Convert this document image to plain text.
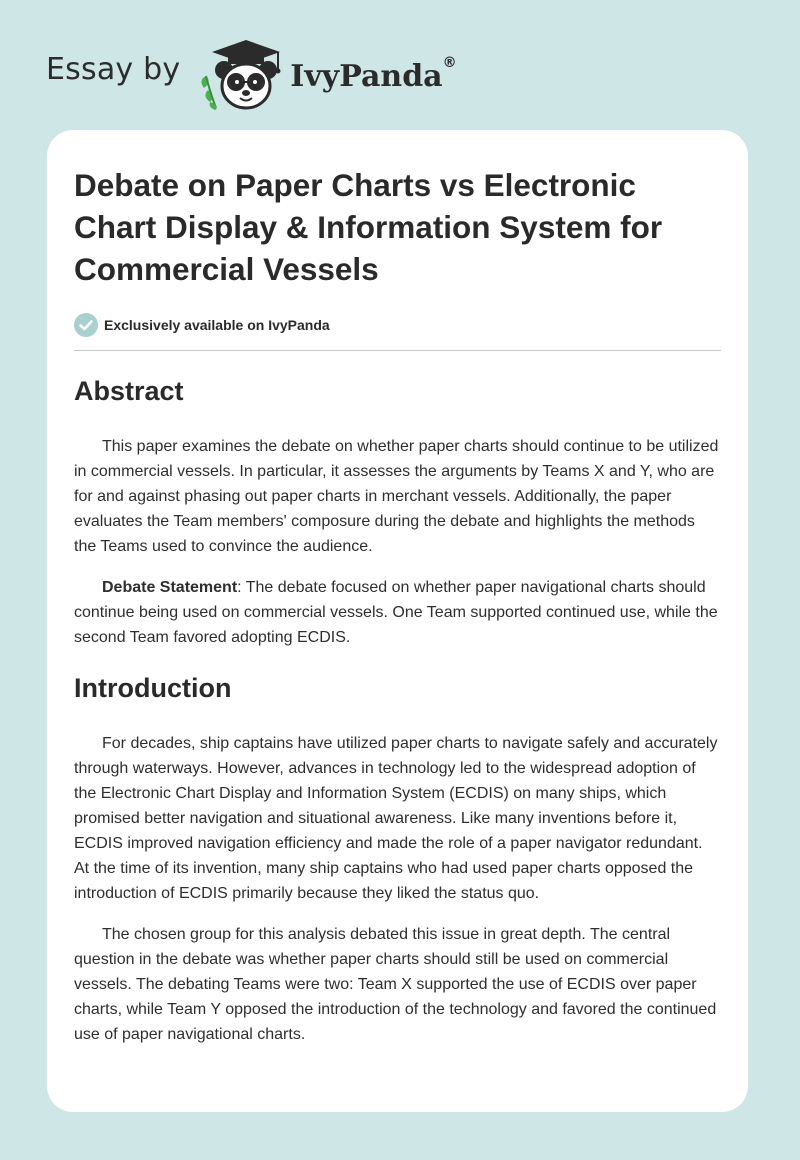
Essay by	IvyPanda®
Debate on Paper Charts vs Electronic Chart Display & Information System for Commercial Vessels
Exclusively available on IvyPanda
Abstract

This paper examines the debate on whether paper charts should continue to be utilized in commercial vessels. In particular, it assesses the arguments by Teams X and Y, who are for and against phasing out paper charts in merchant vessels. Additionally, the paper evaluates the Team members' composure during the debate and highlights the methods the Teams used to convince the audience.

Debate Statement: The debate focused on whether paper navigational charts should continue being used on commercial vessels. One Team supported continued use, while the second Team favored adopting ECDIS.

Introduction

For decades, ship captains have utilized paper charts to navigate safely and accurately through waterways. However, advances in technology led to the widespread adoption of the Electronic Chart Display and Information System (ECDIS) on many ships, which promised better navigation and situational awareness. Like many inventions before it, ECDIS improved navigation efficiency and made the role of a paper navigator redundant. At the time of its invention, many ship captains who had used paper charts opposed the introduction of ECDIS primarily because they liked the status quo.

The chosen group for this analysis debated this issue in great depth. The central question in the debate was whether paper charts should still be used on commercial vessels. The debating Teams were two: Team X supported the use of ECDIS over paper charts, while Team Y opposed the introduction of the technology and favored the continued use of paper navigational charts.
